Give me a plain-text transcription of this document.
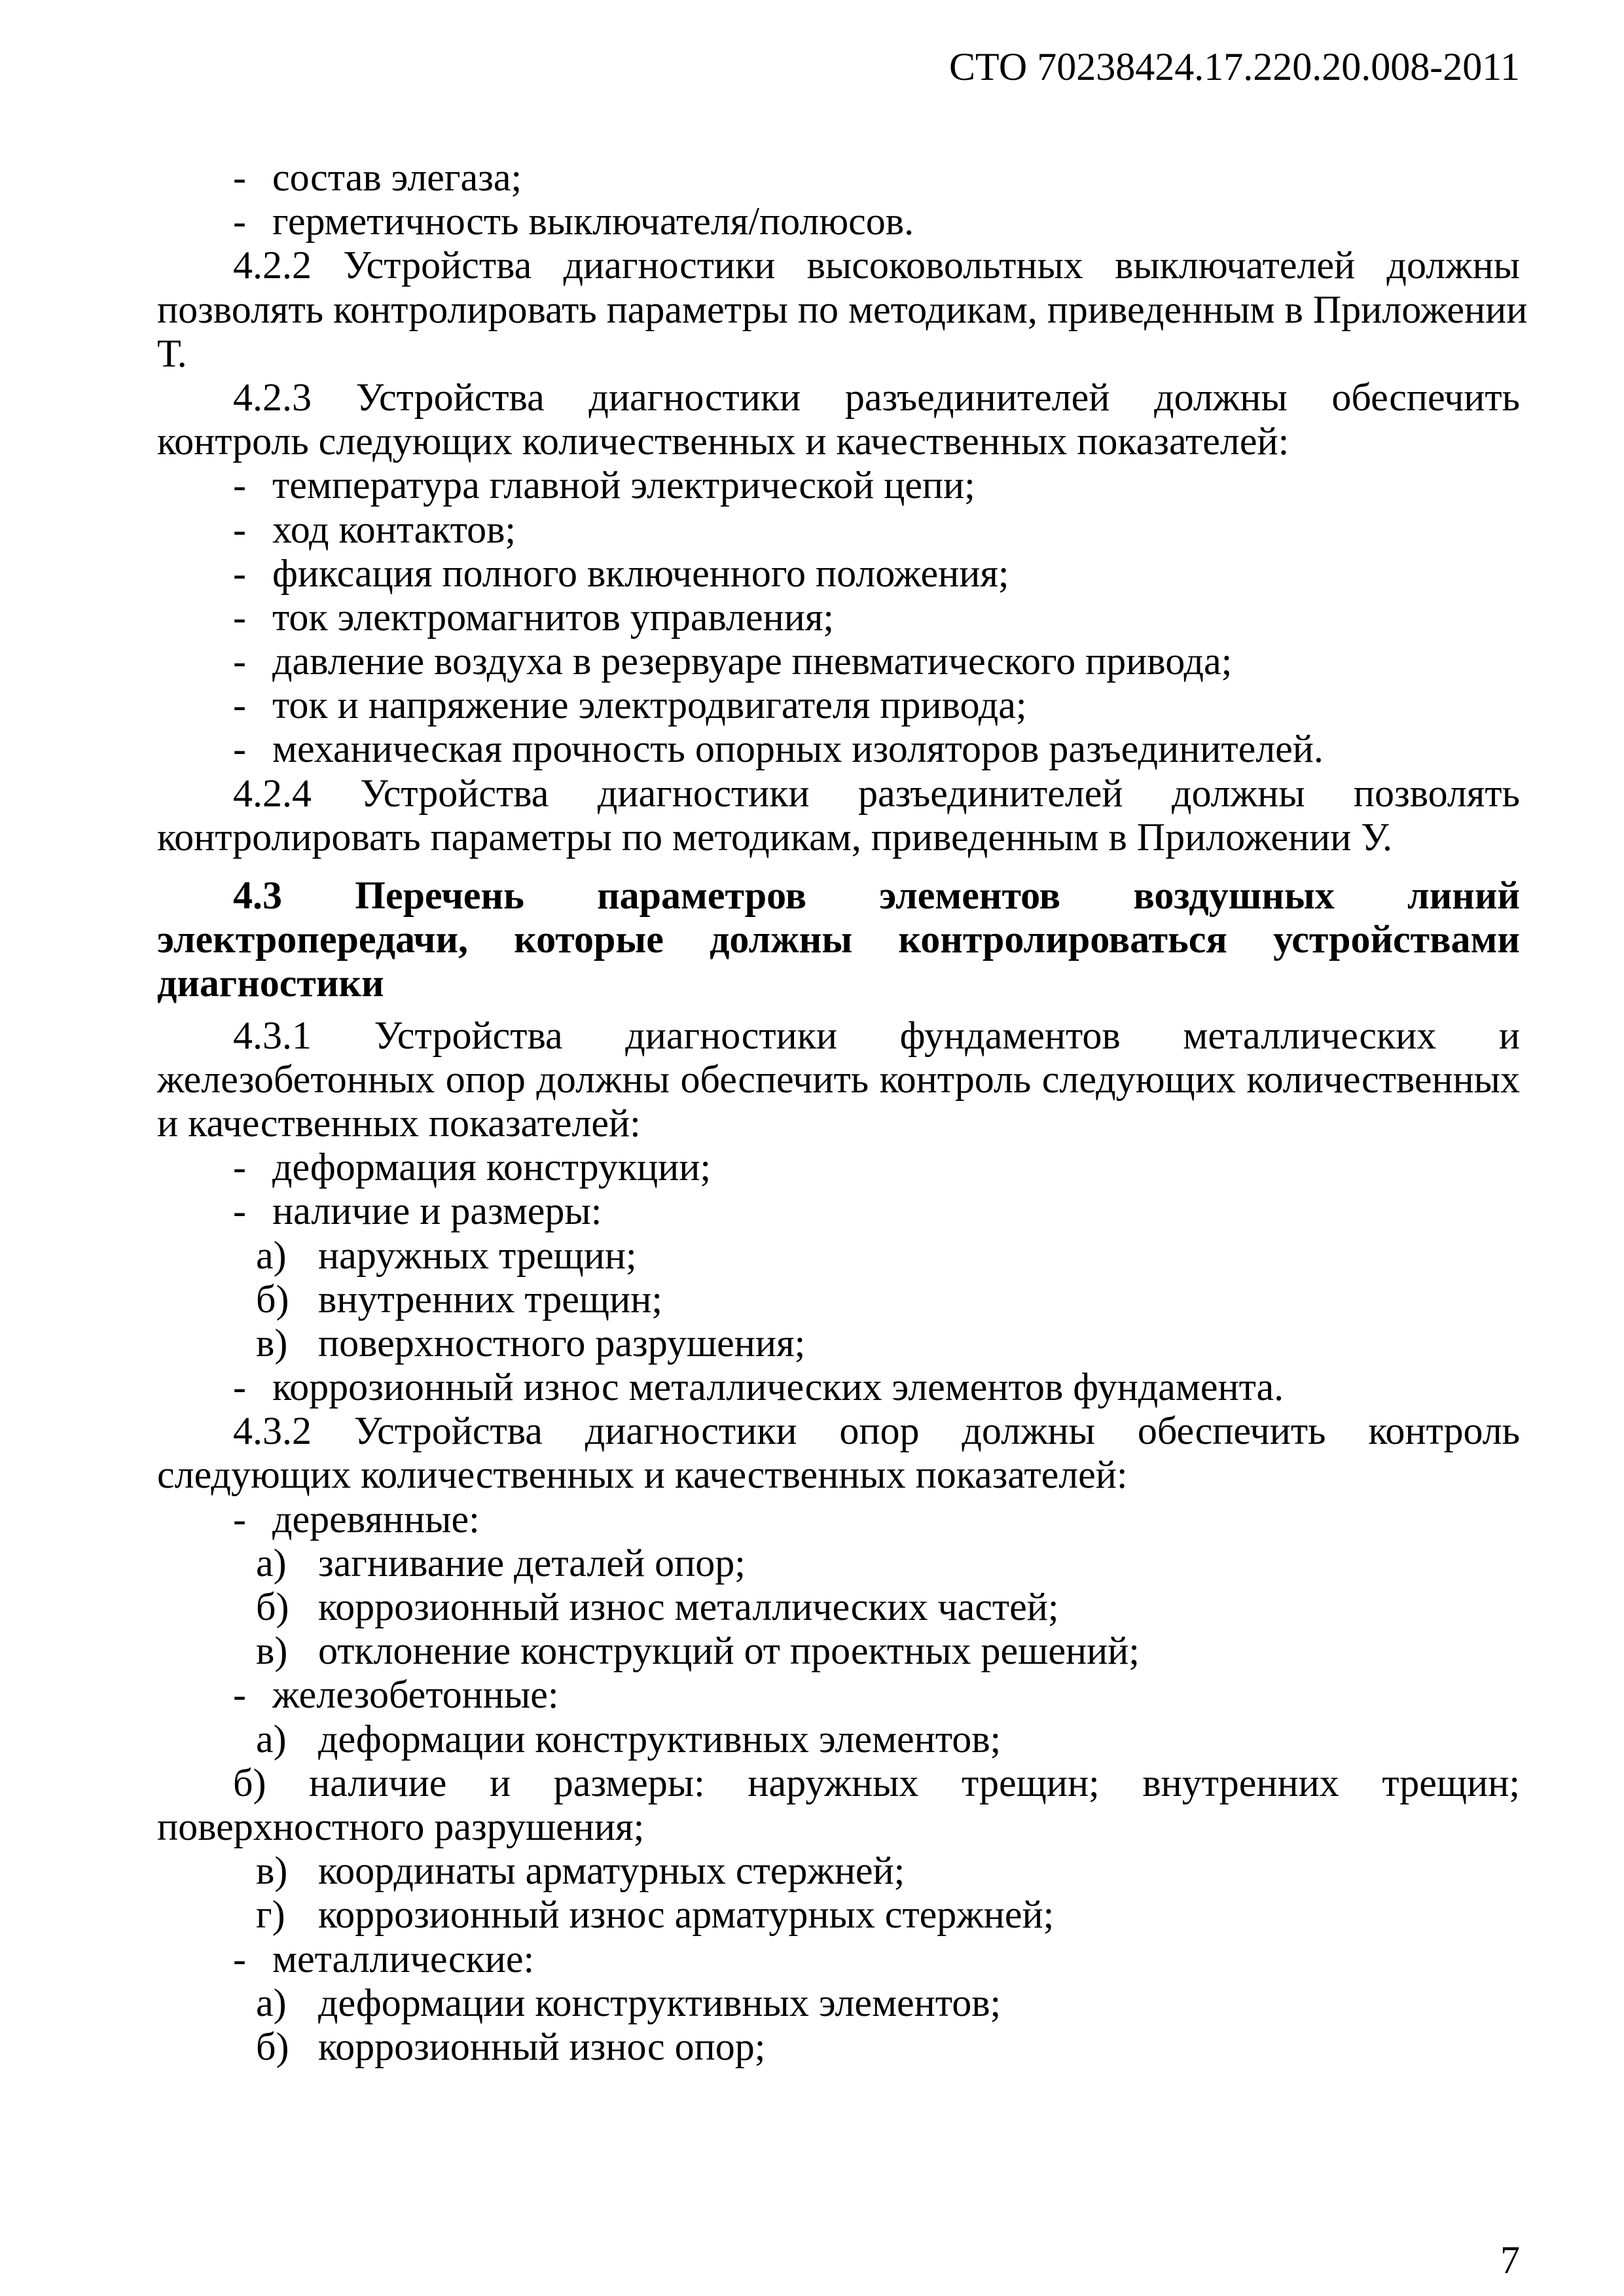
СТО 70238424.17.220.20.008-2011
- состав элегаза;
- герметичность выключателя/полюсов.
4.2.2 Устройства диагностики высоковольтных выключателей должны
позволять контролировать параметры по методикам, приведенным в Приложении
Т.
4.2.3 Устройства диагностики разъединителей должны обеспечить
контроль следующих количественных и качественных показателей:
- температура главной электрической цепи;
- ход контактов;
- фиксация полного включенного положения;
- ток электромагнитов управления;
- давление воздуха в резервуаре пневматического привода;
- ток и напряжение электродвигателя привода;
- механическая прочность опорных изоляторов разъединителей.
4.2.4 Устройства диагностики разъединителей должны позволять
контролировать параметры по методикам, приведенным в Приложении У.
4.3 Перечень параметров элементов воздушных линий
электропередачи, которые должны контролироваться устройствами
диагностики
4.3.1 Устройства диагностики фундаментов металлических и
железобетонных опор должны обеспечить контроль следующих количественных
и качественных показателей:
- деформация конструкции;
- наличие и размеры:
а) наружных трещин;
б) внутренних трещин;
в) поверхностного разрушения;
- коррозионный износ металлических элементов фундамента.
4.3.2 Устройства диагностики опор должны обеспечить контроль
следующих количественных и качественных показателей:
- деревянные:
а) загнивание деталей опор;
б) коррозионный износ металлических частей;
в) отклонение конструкций от проектных решений;
- железобетонные:
а) деформации конструктивных элементов;
б) наличие и размеры: наружных трещин; внутренних трещин;
поверхностного разрушения;
в) координаты арматурных стержней;
г) коррозионный износ арматурных стержней;
- металлические:
а) деформации конструктивных элементов;
б) коррозионный износ опор;
7
